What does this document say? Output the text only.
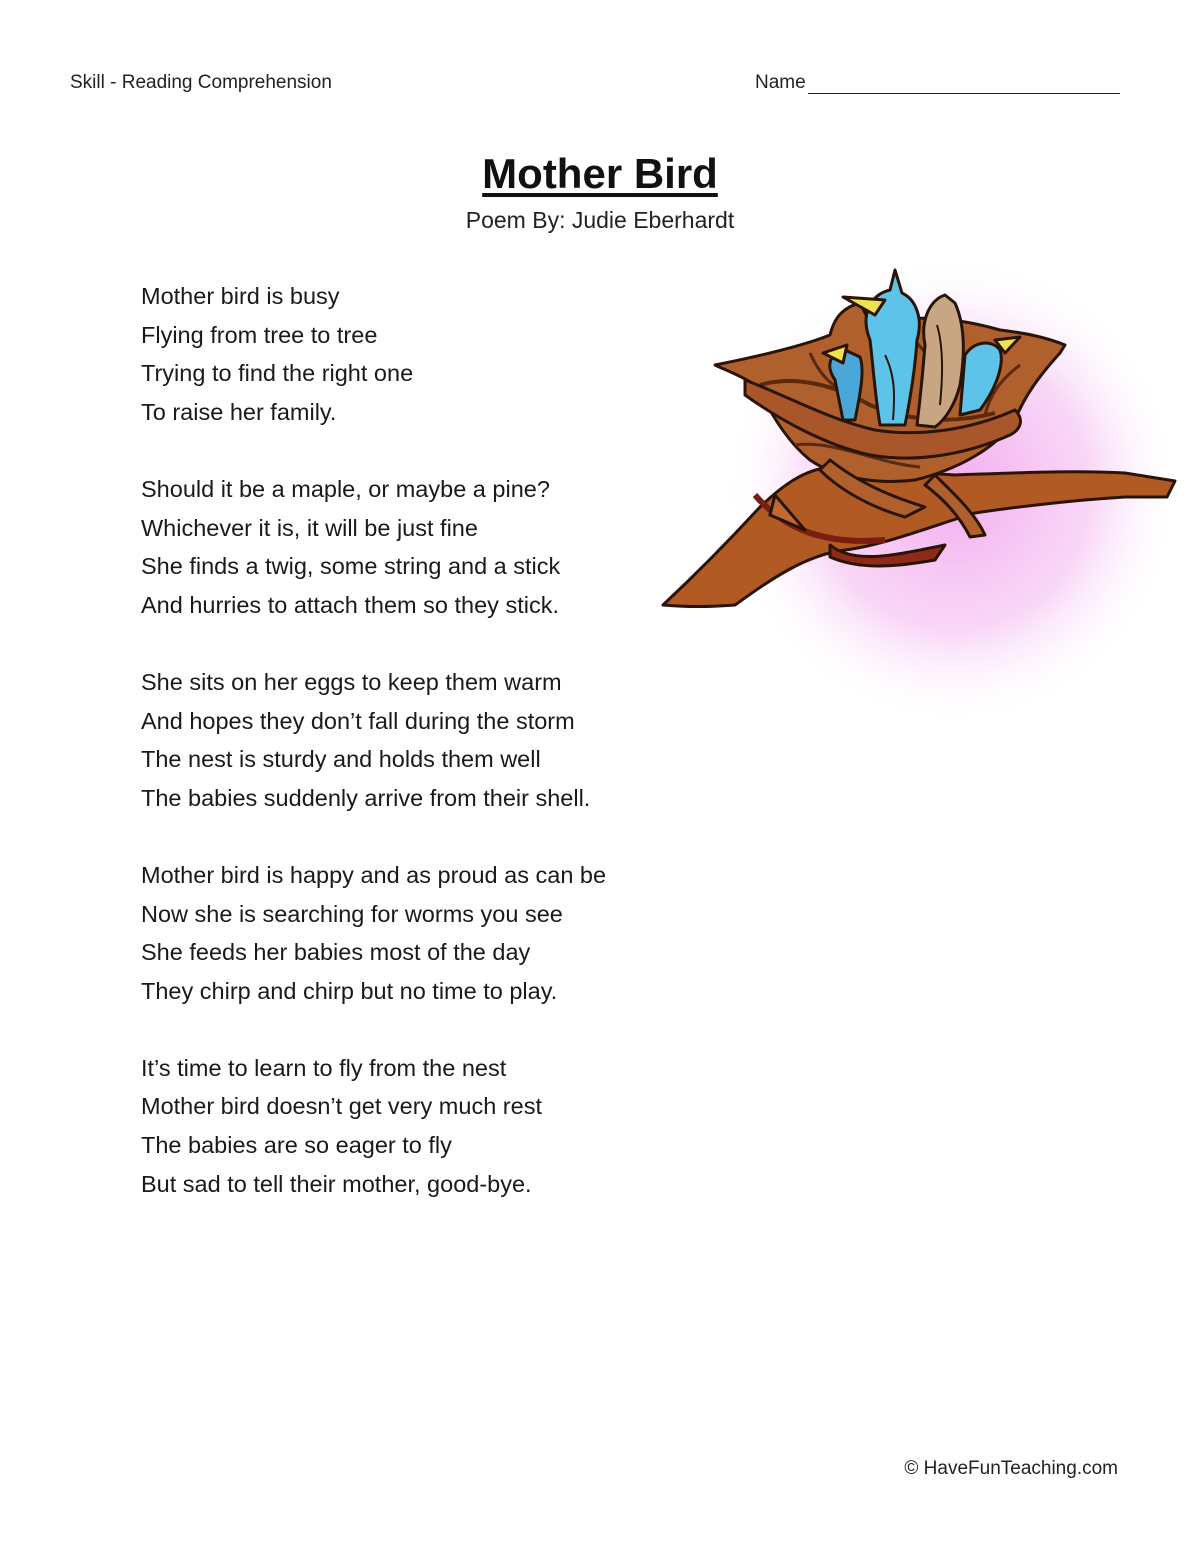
Skill - Reading Comprehension	Name
Mother Bird
Poem By: Judie Eberhardt
Mother bird is busy
Flying from tree to tree
Trying to find the right one
To raise her family.
Should it be a maple, or maybe a pine?
Whichever it is, it will be just fine
She finds a twig, some string and a stick
And hurries to attach them so they stick.
She sits on her eggs to keep them warm
And hopes they don’t fall during the storm
The nest is sturdy and holds them well
The babies suddenly arrive from their shell.
Mother bird is happy and as proud as can be
Now she is searching for worms you see
She feeds her babies most of the day
They chirp and chirp but no time to play.
It’s time to learn to fly from the nest
Mother bird doesn’t get very much rest
The babies are so eager to fly
But sad to tell their mother, good-bye.
© HaveFunTeaching.com
